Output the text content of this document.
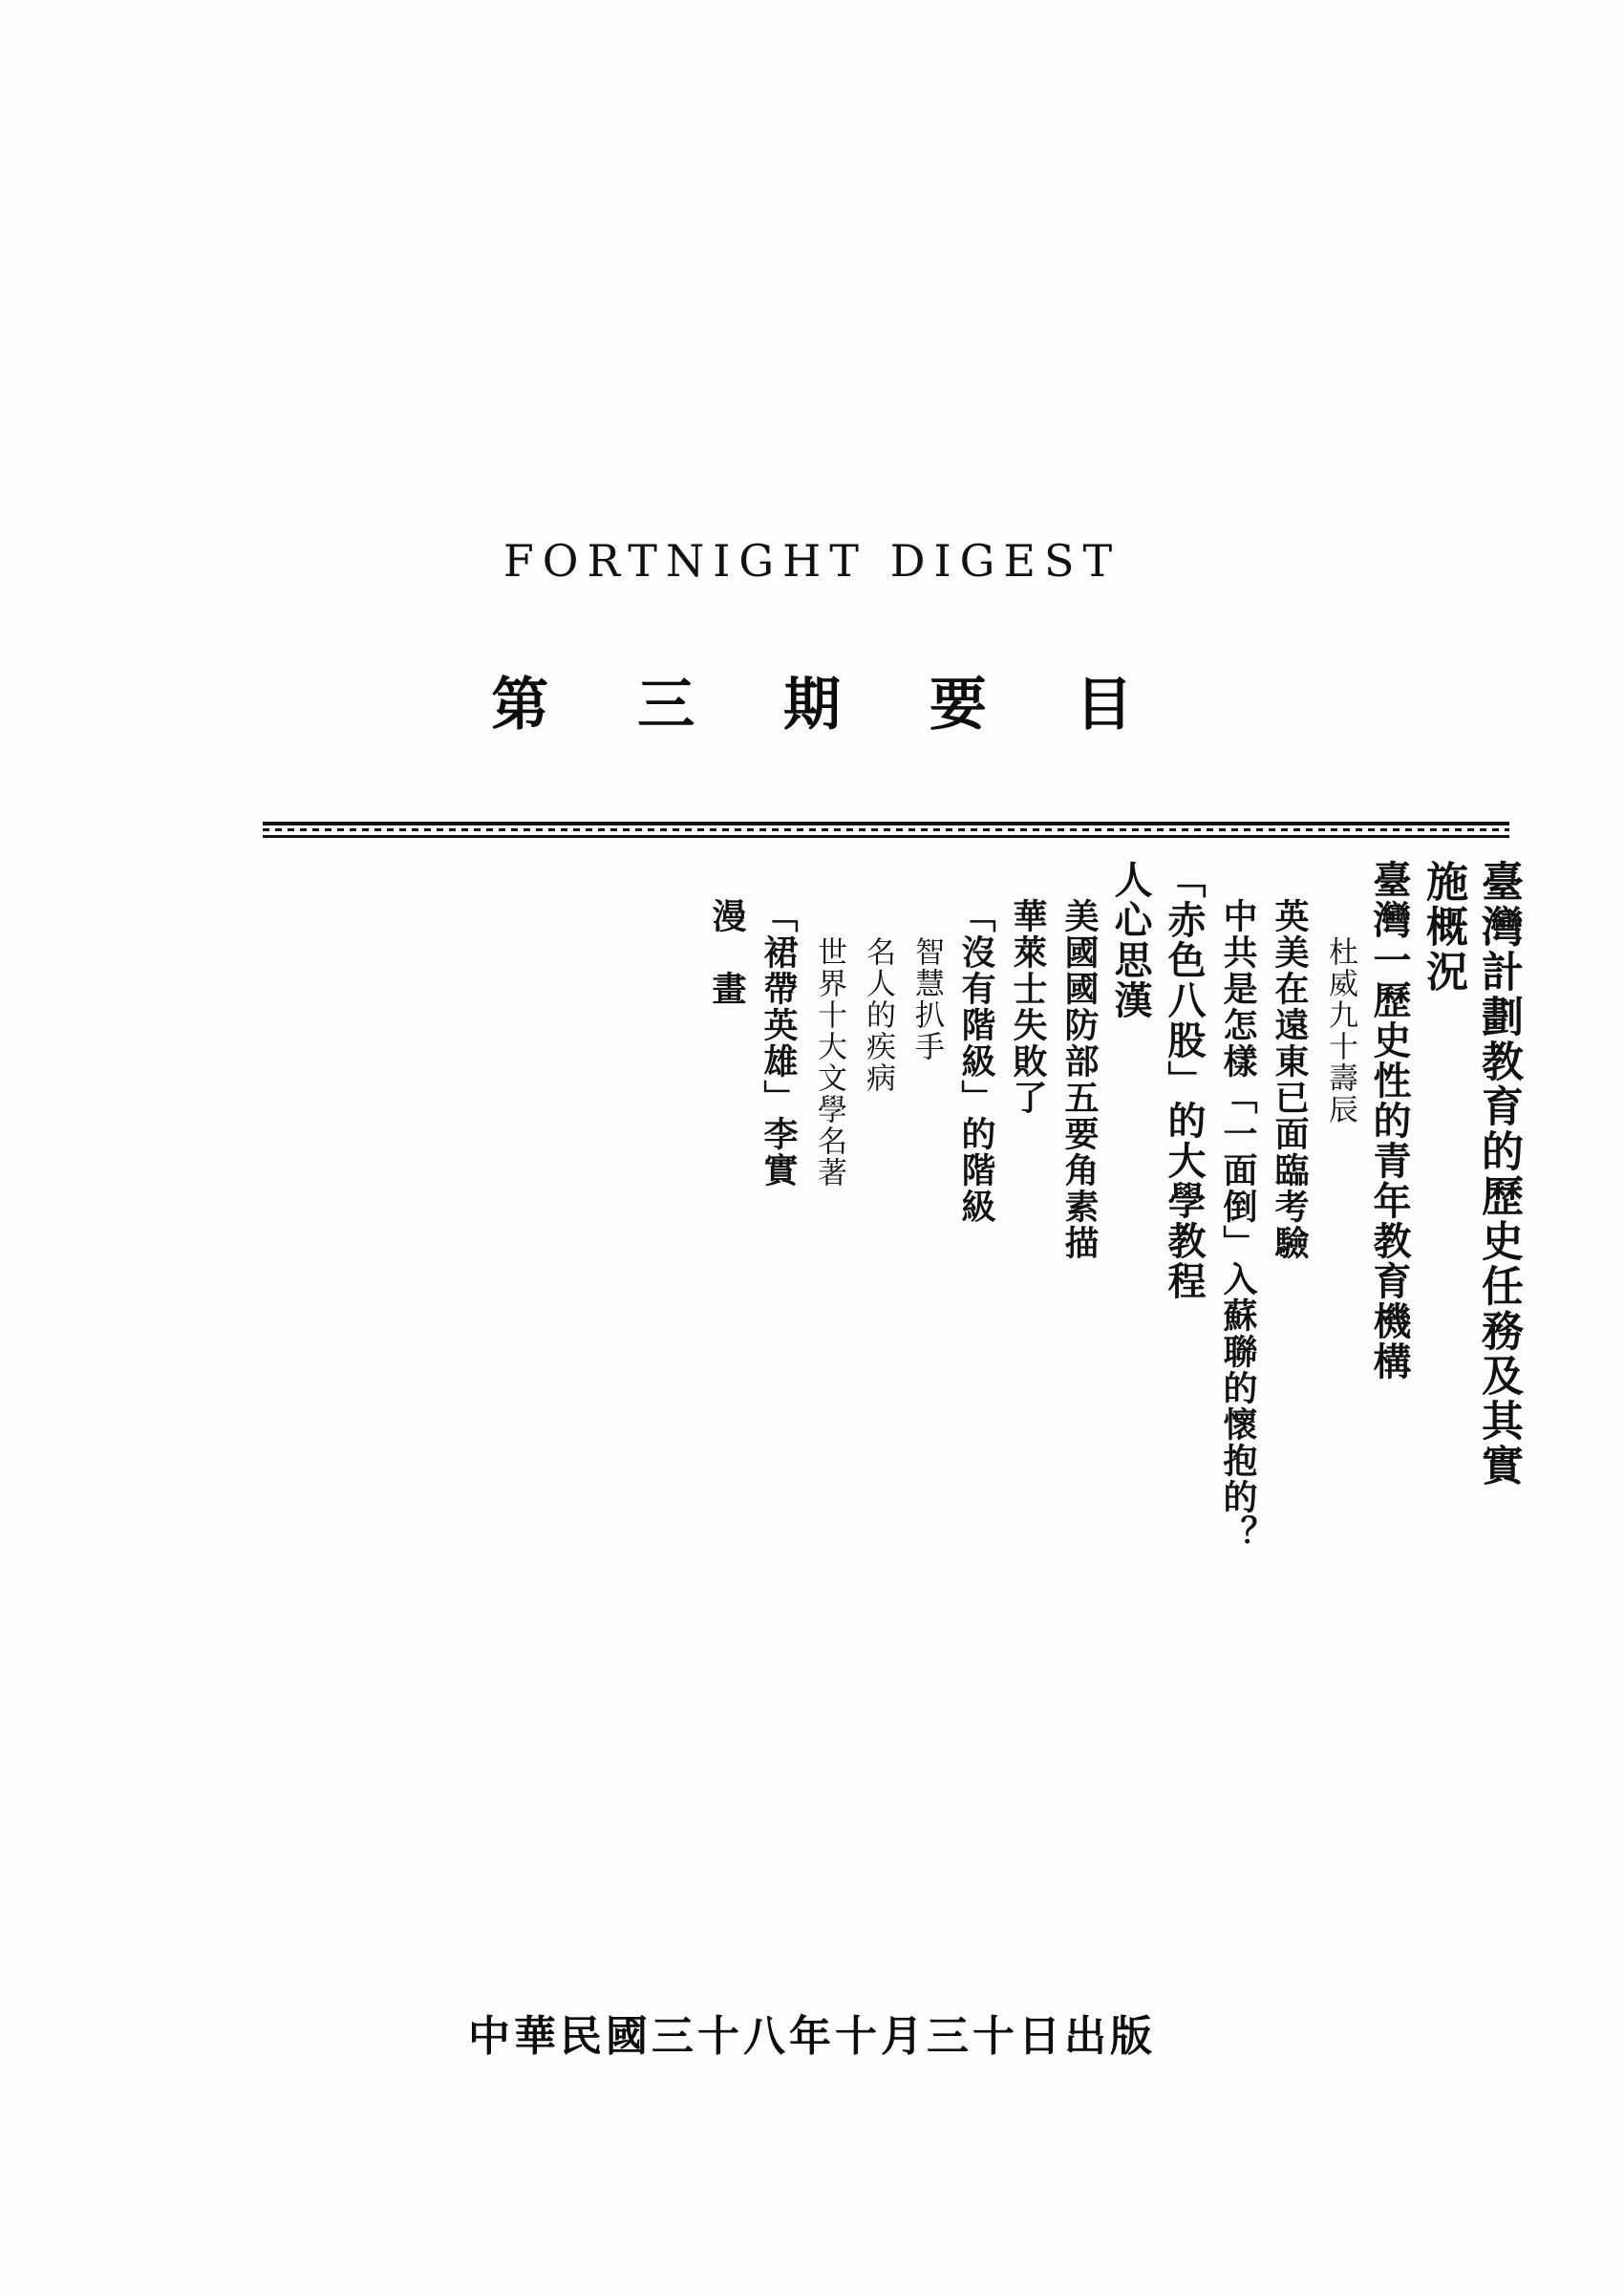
FORTNIGHT DIGEST
第 三 期 要 目
臺灣計劃教育的歷史任務及其實
施概況
臺灣一歷史性的青年教育機構
杜威九十壽辰
英美在遠東已面臨考驗
中共是怎樣「一面倒」入蘇聯的懷抱的？
「赤色八股」的大學教程
人心思漢
美國國防部五要角素描
華萊士失敗了
「沒有階級」的階級
智慧扒手
名人的疾病
世界十大文學名著
「裙帶英雄」李實
漫　畫
中華民國三十八年十月三十日出版
